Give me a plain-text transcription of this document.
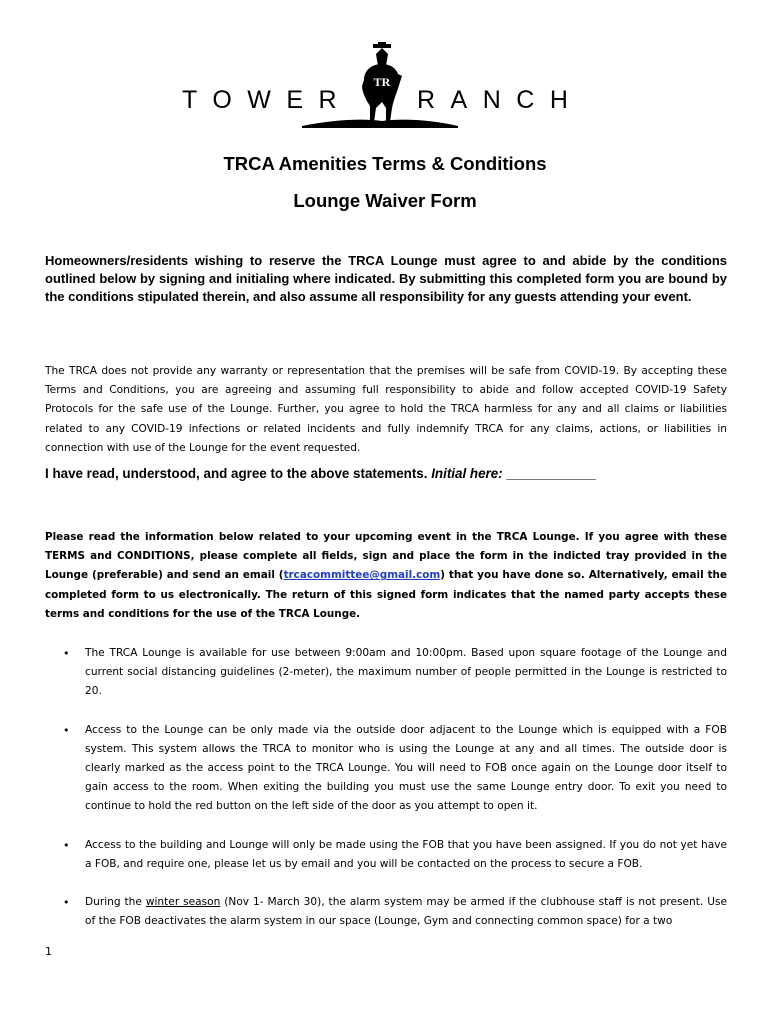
TOWER
TR
RANCH
TRCA Amenities Terms & Conditions
Lounge Waiver Form
Homeowners/residents wishing to reserve the TRCA Lounge must agree to and abide by the conditions outlined below by signing and initialing where indicated. By submitting this completed form you are bound by the conditions stipulated therein, and also assume all responsibility for any guests attending your event.
The TRCA does not provide any warranty or representation that the premises will be safe from COVID-19. By accepting these Terms and Conditions, you are agreeing and assuming full responsibility to abide and follow accepted COVID-19 Safety Protocols for the safe use of the Lounge. Further, you agree to hold the TRCA harmless for any and all claims or liabilities related to any COVID-19 infections or related incidents and fully indemnify TRCA for any claims, actions, or liabilities in connection with use of the Lounge for the event requested.
I have read, understood, and agree to the above statements. Initial here: ____________
Please read the information below related to your upcoming event in the TRCA Lounge. If you agree with these TERMS and CONDITIONS, please complete all fields, sign and place the form in the indicted tray provided in the Lounge (preferable) and send an email (trcacommittee@gmail.com) that you have done so. Alternatively, email the completed form to us electronically. The return of this signed form indicates that the named party accepts these terms and conditions for the use of the TRCA Lounge.
• The TRCA Lounge is available for use between 9:00am and 10:00pm. Based upon square footage of the Lounge and current social distancing guidelines (2-meter), the maximum number of people permitted in the Lounge is restricted to 20.
• Access to the Lounge can be only made via the outside door adjacent to the Lounge which is equipped with a FOB system. This system allows the TRCA to monitor who is using the Lounge at any and all times. The outside door is clearly marked as the access point to the TRCA Lounge. You will need to FOB once again on the Lounge door itself to gain access to the room. When exiting the building you must use the same Lounge entry door. To exit you need to continue to hold the red button on the left side of the door as you attempt to open it.
• Access to the building and Lounge will only be made using the FOB that you have been assigned. If you do not yet have a FOB, and require one, please let us by email and you will be contacted on the process to secure a FOB.
• During the winter season (Nov 1- March 30), the alarm system may be armed if the clubhouse staff is not present. Use of the FOB deactivates the alarm system in our space (Lounge, Gym and connecting common space) for a two
1
